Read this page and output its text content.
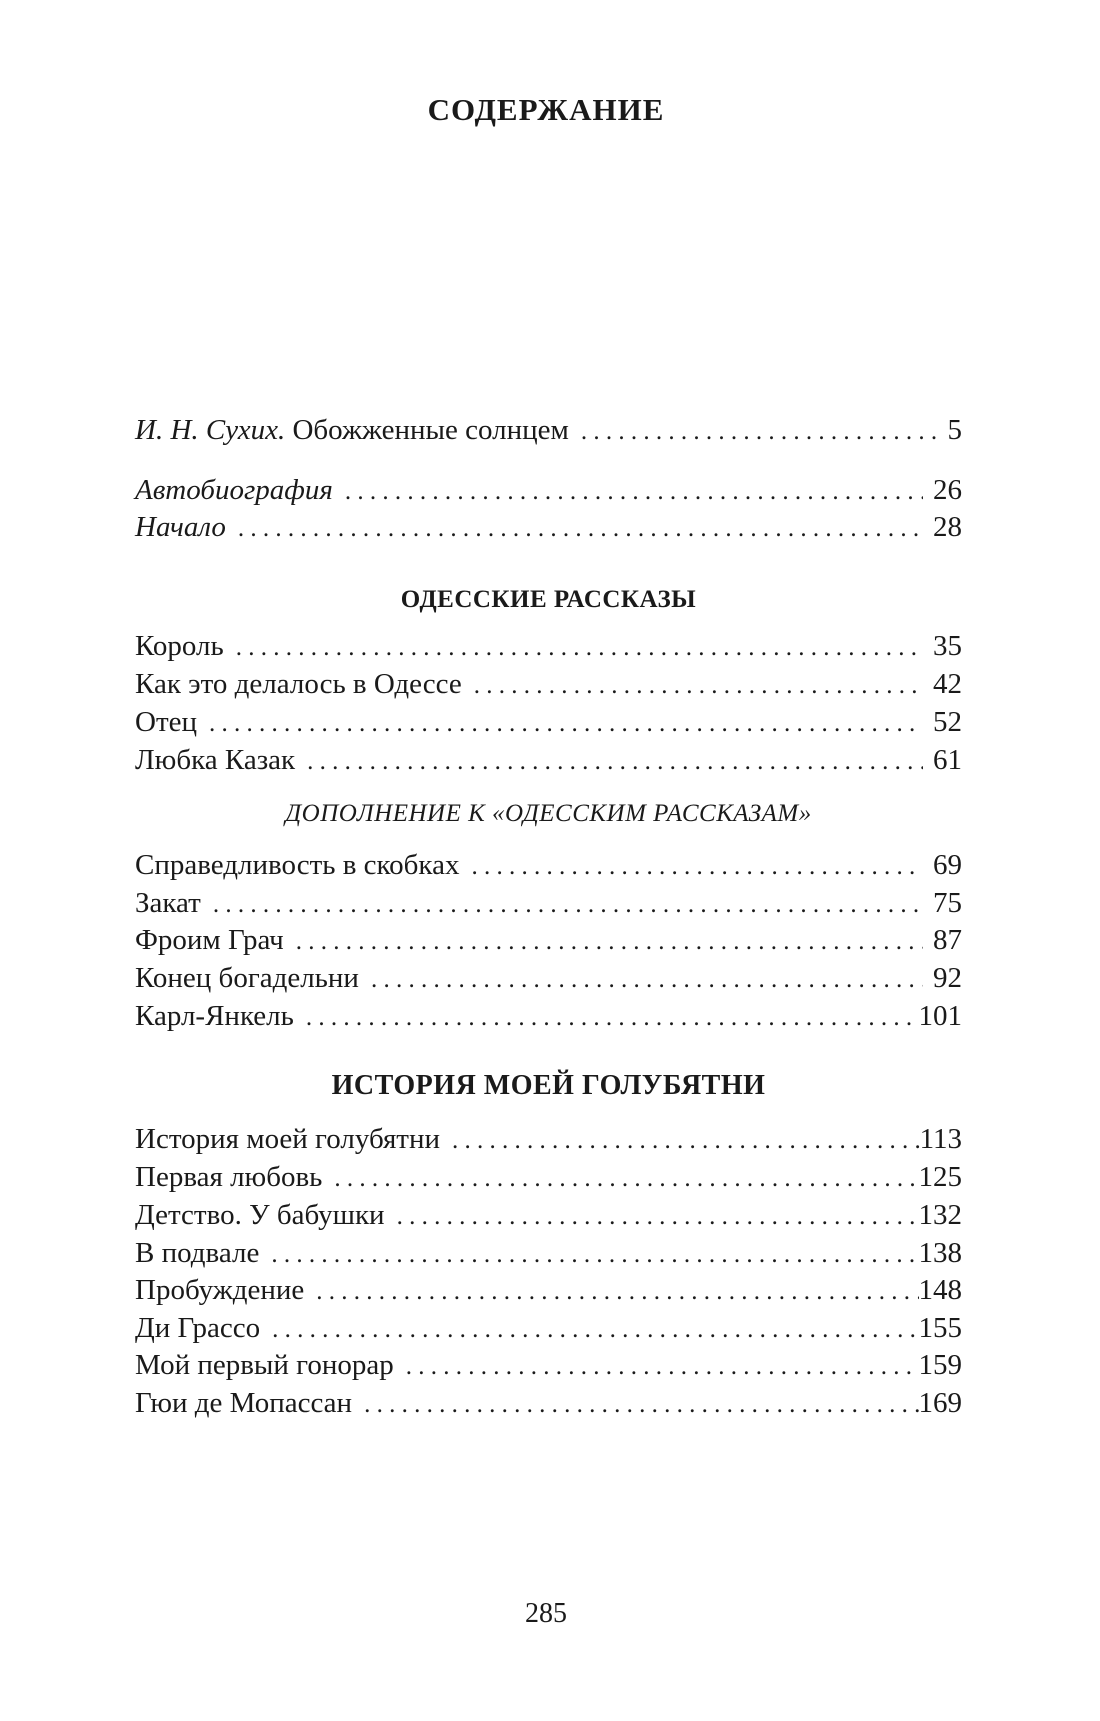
СОДЕРЖАНИЕ
И. Н. Сухих. Обожженные солнцем . . .	5
Автобиография . . .	26
Начало . . .	28
ОДЕССКИЕ РАССКАЗЫ
Король . . .	35
Как это делалось в Одессе . . .	42
Отец . . .	52
Любка Казак . . .	61
ДОПОЛНЕНИЕ К «ОДЕССКИМ РАССКАЗАМ»
Справедливость в скобках . . .	69
Закат . . .	75
Фроим Грач . . .	87
Конец богадельни . . .	92
Карл-Янкель . . .	101
ИСТОРИЯ МОЕЙ ГОЛУБЯТНИ
История моей голубятни . . .	113
Первая любовь . . .	125
Детство. У бабушки . . .	132
В подвале . . .	138
Пробуждение . . .	148
Ди Грассо . . .	155
Мой первый гонорар . . .	159
Гюи де Мопассан . . .	169
285
